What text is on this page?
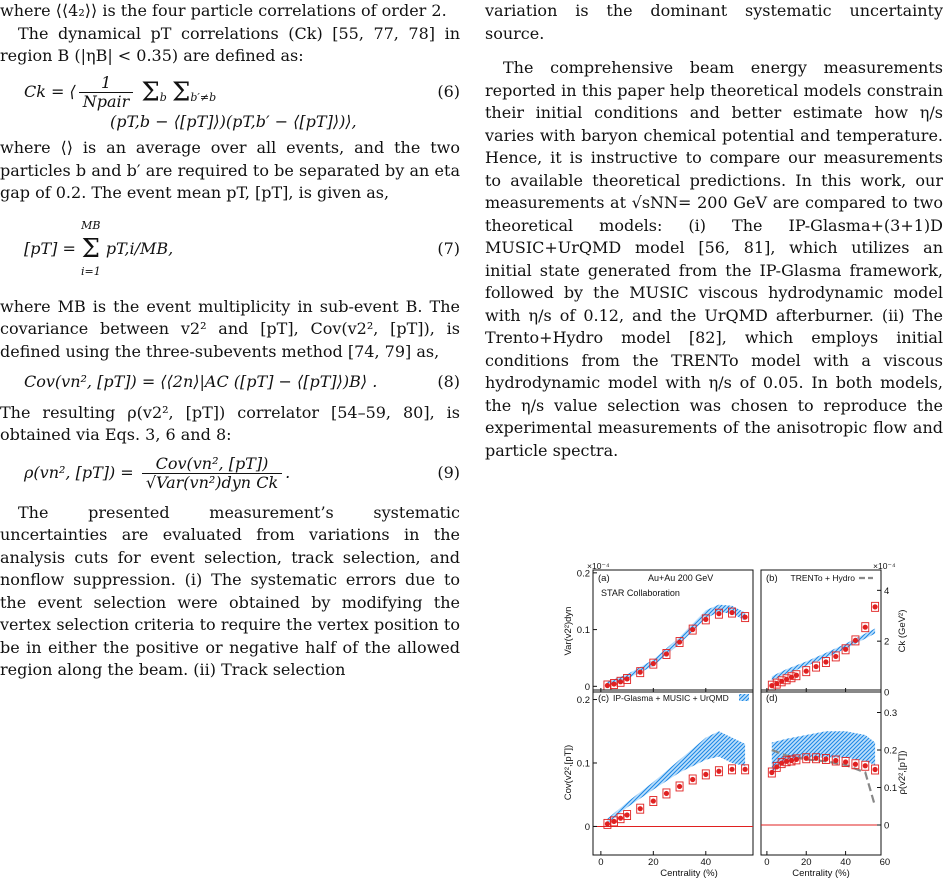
where ⟨⟨4₂⟩⟩ is the four particle correlations of order 2.

The dynamical pT correlations (Ck) [55, 77, 78] in region B (|ηB| < 0.35) are defined as:

Ck = ⟨ $\frac{1}{\text{Npair}} \Sigma_b$ $\Sigma_{b'\ne b}$	(6)
(pT,b − ⟨[pT]⟩)(pT,b′ − ⟨[pT]⟩)⟩,

where ⟨⟩ is an average over all events, and the two particles b and b′ are required to be separated by an eta gap of 0.2. The event mean pT, [pT], is given as,

[pT] =
MB
Σ
i=1
pT,i/MB,	(7)

where MB is the event multiplicity in sub-event B. The covariance between v2² and [pT], Cov(v2², [pT]), is defined using the three-subevents method [74, 79] as,

Cov(vn², [pT]) = ⟨⟨2n⟩|AC ([pT] − ⟨[pT]⟩)B⟩ .	(8)

The resulting ρ(v2², [pT]) correlator [54–59, 80], is obtained via Eqs. 3, 6 and 8:

ρ(vn², $[pT]) = \frac{\text{Cov(vn², [pT])}}{\text{√Var(vn²)dyn Ck}}$ .	(9)

The presented measurement’s systematic uncertainties are evaluated from variations in the analysis cuts for event selection, track selection, and nonflow suppression. (i) The systematic errors due to the event selection were obtained by modifying the vertex selection criteria to require the vertex position to be in either the positive or negative half of the allowed region along the beam. (ii) Track selection

variation is the dominant systematic uncertainty source.

The comprehensive beam energy measurements reported in this paper help theoretical models constrain their initial conditions and better estimate how η/s varies with baryon chemical potential and temperature. Hence, it is instructive to compare our measurements to available theoretical predictions. In this work, our measurements at √sNN= 200 GeV are compared to two theoretical models: (i) The IP-Glasma+(3+1)D MUSIC+UrQMD model [56, 81], which utilizes an initial state generated from the IP-Glasma framework, followed by the MUSIC viscous hydrodynamic model with η/s of 0.12, and the UrQMD afterburner. (ii) The Trento+Hydro model [82], which employs initial conditions from the TRENTo model with a viscous hydrodynamic model with η/s of 0.05. In both models, the η/s value selection was chosen to reproduce the experimental measurements of the anisotropic flow and particle spectra.

0
0.1
0.2 (a)
Var(v2²)dyn
×10⁻⁴
Au+Au 200 GeV
STAR Collaboration
0
2
4
(b)
Ck (GeV²)
×10⁻⁴
TRENTo + Hydro
0
0.1
0.2
0	20	40
(c)
Cov(v2²,[pT])
IP-Glasma + MUSIC + UrQMD
0
0.1
0.2
0.3
0	20	40	60
(d)
ρ(v2²,[pT])
Centrality (%)	Centrality (%)
